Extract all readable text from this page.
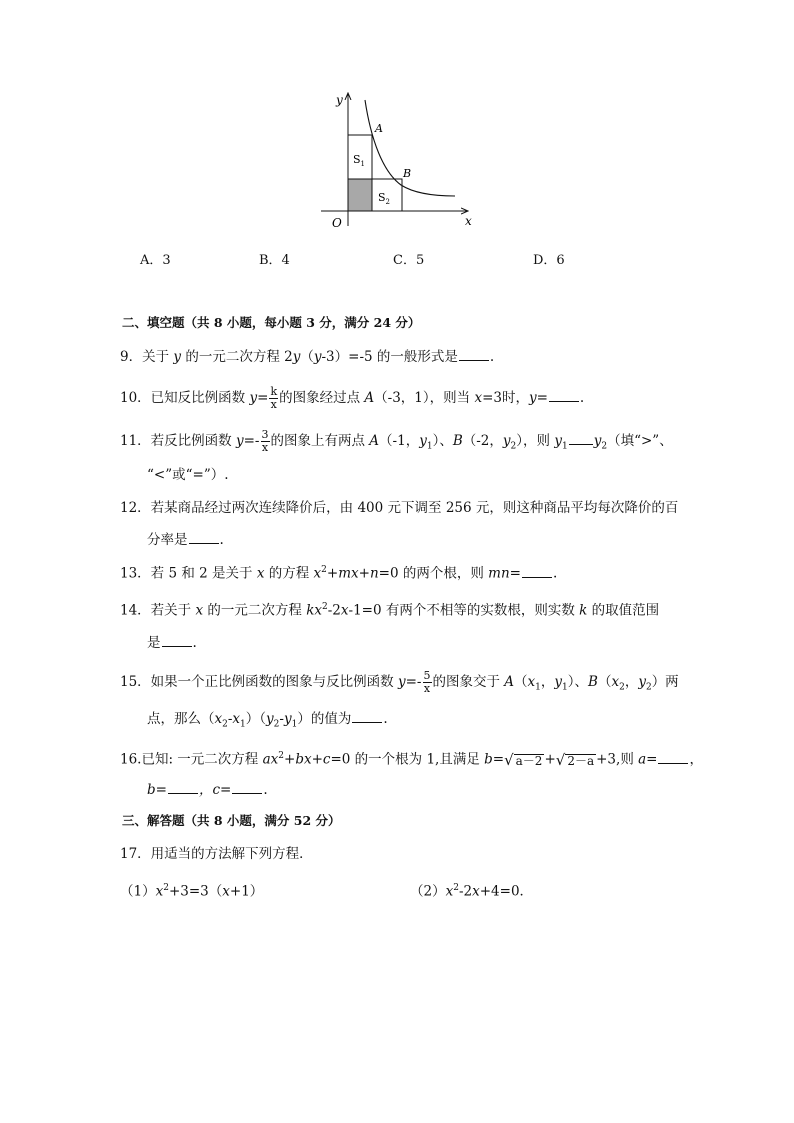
y
x
O
A
B
$S_1$
$S_2$
A．3	B．4	C．5	D．6
二、填空题（共 8 小题，每小题 3 分，满分 24 分）
9．关于 y 的一元二次方程 2y（y-3）=-5 的一般形式是 .
10．已知反比例函数 $y= \frac{k}{x}$ 的图象经过点 A（-3，1），则当 x=3时，y= .
11．若反比例函数 $y=- \frac{3}{x}$ 的图象上有两点 A（-1，$y_1$）、B（-2，$y_2$），则 $y_1$ $y_2$（填“>”、
“<”或“=”）.
12．若某商品经过两次连续降价后，由 400 元下调至 256 元，则这种商品平均每次降价的百
分率是 .
13．若 5 和 2 是关于 x 的方程 $x^2+mx+n=0$ 的两个根，则 mn= .
14．若关于 x 的一元二次方程 $kx^2-2x-1=0$ 有两个不相等的实数根，则实数 k 的取值范围
是 .
15．如果一个正比例函数的图象与反比例函数 $y=- \frac{5}{x}$ 的图象交于 $A(x_1$，$y_1$）、$B(x_2$，$y_2$）两
点，那么$(x_2-x_1)(y_2-y_1)$的值为 .
16.已知: 一元二次方程 $ax^2+bx+c=0$ 的一个根为 1,且满足 b= √ a－2 + √ 2－a +3,则 a= ，
b= ，c= .
三、解答题（共 8 小题，满分 52 分）
17．用适当的方法解下列方程．
$(1)x^2+3=3(x+1)$	$(2)x^2-2x+4=0$．
